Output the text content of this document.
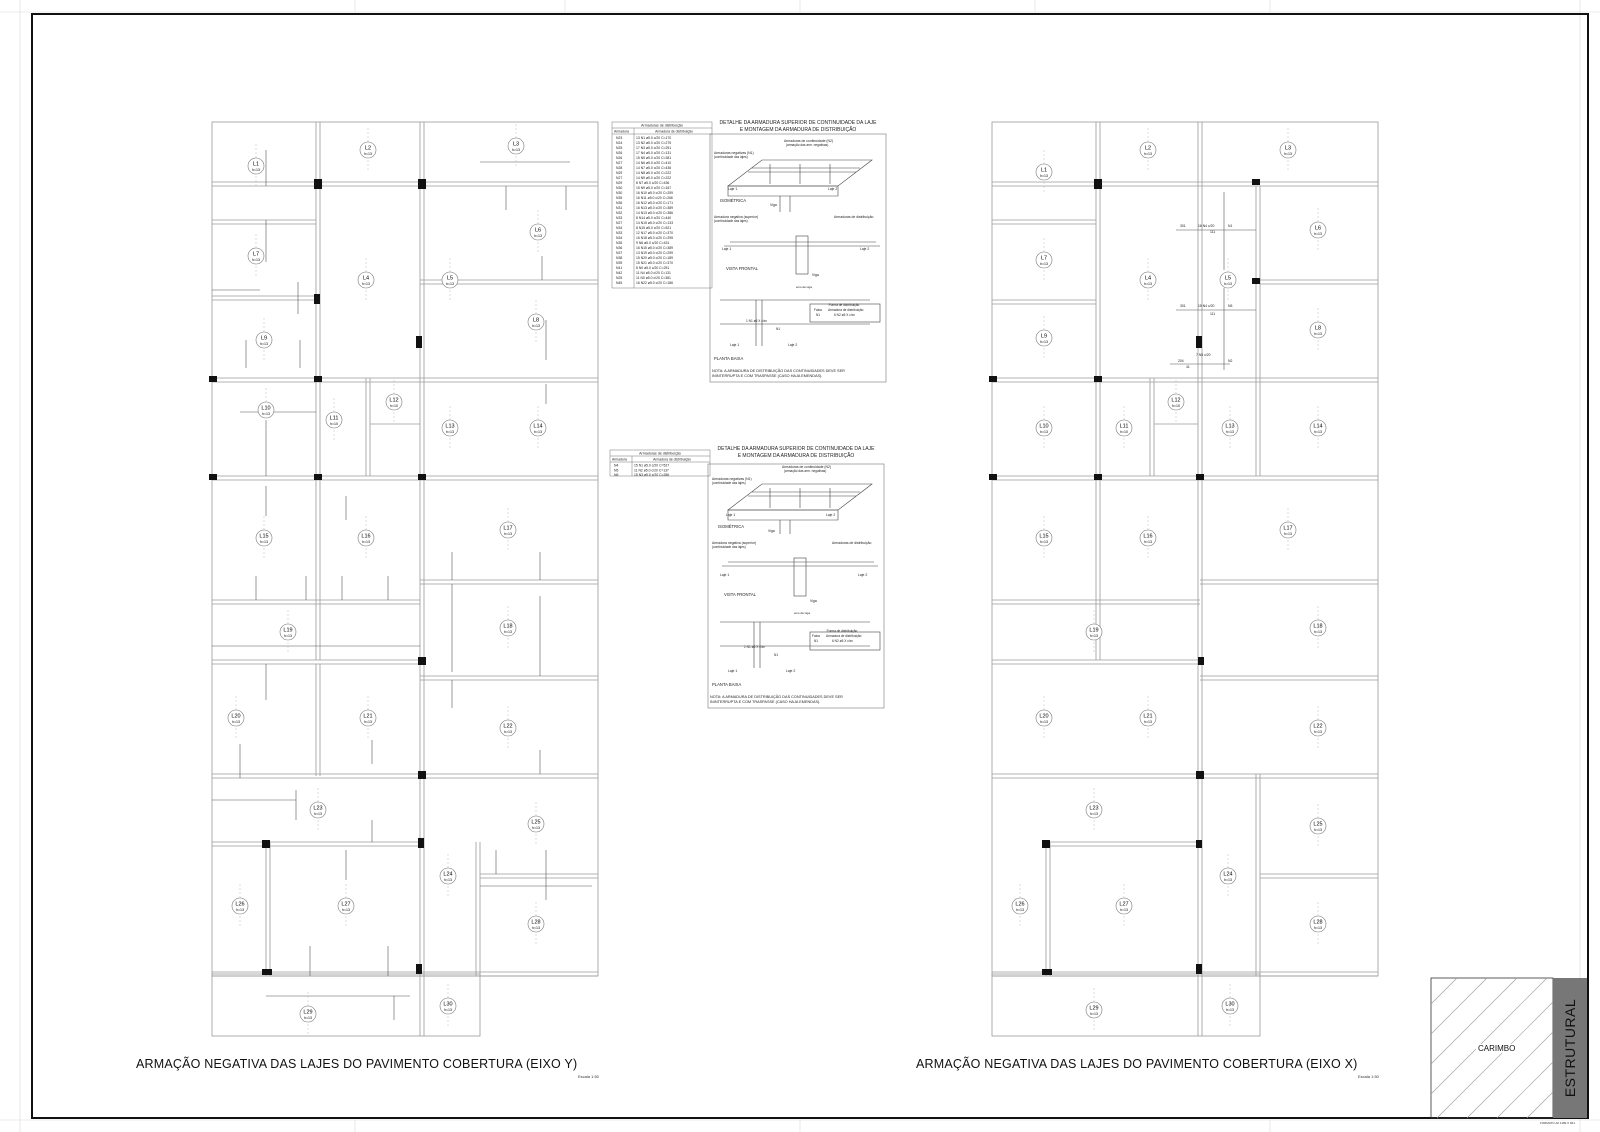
L1
h=13
L2
h=13
L3
h=13
L4
h=13
L5
h=13
L6
h=13
L7
h=13
L8
h=13
L9
h=13
L10
h=13
L11
h=10
L12
h=10
L13
h=13
L14
h=13
L15
h=13
L16
h=13
L17
h=13
L18
h=13
L19
h=13
L20
h=13
L21
h=13
L22
h=13
L23
h=13
L24
h=13
L25
h=13
L26
h=13
L27
h=13
L28
h=13
L29
h=13
L30
h=13
L1
h=13
L2
h=13
L3
h=13
L4
h=13
L5
h=13
L6
h=13
L7
h=13
L8
h=13
L9
h=13
L10
h=13
L11
h=10
L12
h=10
L13
h=13
L14
h=13
L15
h=13
L16
h=13
L17
h=13
L18
h=13
L19
h=13
L20
h=13
L21
h=13
L22
h=13
L23
h=13
L24
h=13
L25
h=13
L26
h=13
L27
h=13
L28
h=13
L29
h=13
L30
h=13
Armaduras de distribuição
Armadura	Armadura de distribuição
N23	13 N1 ø5.0 c/20 C=170
N24	13 N2 ø5.0 c/20 C=275
N25	17 N3 ø5.0 c/20 C=251
N26	17 N4 ø5.0 c/20 C=131
N26	15 N5 ø5.0 c/20 C=381
N27	14 N6 ø5.0 c/20 C=410
N28	14 N7 ø5.0 c/20 C=436
N29	14 N8 ø5.0 c/20 C=222
N27	14 N9 ø5.0 c/20 C=222
N29	8 N7 ø5.0 c/20 C=436
N30	15 N9 ø5.0 c/20 C=167
N30	16 N10 ø5.0 c/20 C=259
N35	16 N11 ø5.0 c/20 C=266
N36	16 N12 ø5.0 c/20 C=171
N31	16 N13 ø5.0 c/20 C=389
N32	14 N13 ø5.0 c/20 C=386
N33	8 N14 ø5.0 c/20 C=440
N27	14 N15 ø5.0 c/20 C=133
N34	8 N15 ø5.0 c/20 C=521
N33	12 N17 ø5.0 c/20 C=370
N34	16 N18 ø5.0 c/20 C=295
N35	9 N6 ø5.0 c/20 C=431
N36	16 N15 ø5.0 c/20 C=389
N37	13 N19 ø5.0 c/20 C=259
N38	15 N20 ø5.0 c/20 C=189
N39	15 N21 ø5.0 c/20 C=370
N41	8 N0 ø5.0 c/20 C=251
N42	11 N4 ø5.0 c/20 C=131
N25	11 N0 ø5.0 c/20 C=381
N45	16 N22 ø5.0 c/20 C=186
Armaduras de distribuição
Armadura	Armadura de distribuição
N4	15 N1 ø5.0 c/20 C=527
N5	11 N2 ø5.0 c/20 C=137
N6	15 N3 ø5.0 c/20 C=286
DETALHE DA ARMADURA SUPERIOR DE CONTINUIDADE DA LAJE
E MONTAGEM DA ARMADURA DE DISTRIBUIÇÃO
Armaduras de continuidade (N2)
(armação das arm. negativas)
Armaduras negativas (N1)
(continuidade das lajes)
Laje 1	Laje 2
ISOMÉTRICA
Viga
Armadura negativa (superior)
(continuidade das lajes)
Armaduras de distribuição
Laje 1	Laje 2
VISTA FRONTAL
Viga
eixo da viga
Forma de distribuição
Faixa Armadura de distribuição
N1	6 N2 ø5 X c/xx
1 N1 ø5 X c/xx
N1
Laje 1	Laje 2
PLANTA BAIXA
NOTA: A ARMADURA DE DISTRIBUIÇÃO DAS CONTINUIDADES DEVE SER
ININTERRUPTA E COM TRASPASSE (CASO HAJA EMENDAS).
DETALHE DA ARMADURA SUPERIOR DE CONTINUIDADE DA LAJE
E MONTAGEM DA ARMADURA DE DISTRIBUIÇÃO
Armaduras de continuidade (N2)
(armação das arm. negativas)
Armaduras negativas (N1)
(continuidade das lajes)
Laje 1	Laje 2
ISOMÉTRICA
Viga
Armadura negativa (superior)
(continuidade das lajes)
Armaduras de distribuição
Laje 1	Laje 2
VISTA FRONTAL
Viga
eixo da viga
Forma de distribuição
Faixa Armadura de distribuição
N1	6 N2 ø5 X c/xx
1 N1 ø5 X c/xx
N1
Laje 1	Laje 2
PLANTA BAIXA
NOTA: A ARMADURA DE DISTRIBUIÇÃO DAS CONTINUIDADES DEVE SER
ININTERRUPTA E COM TRASPASSE (CASO HAJA EMENDAS).
301	16 N4 c/20	N1
111
301	15 N4 c/20	N5
111
204
7 N5 c/20
N2
41
ARMAÇÃO NEGATIVA DAS LAJES DO PAVIMENTO COBERTURA (EIXO Y)
Escala 1:50
ARMAÇÃO NEGATIVA DAS LAJES DO PAVIMENTO COBERTURA (EIXO X)
Escala 1:50
CARIMBO	ESTRUTURAL
FORMATO A0 1189 X 841
